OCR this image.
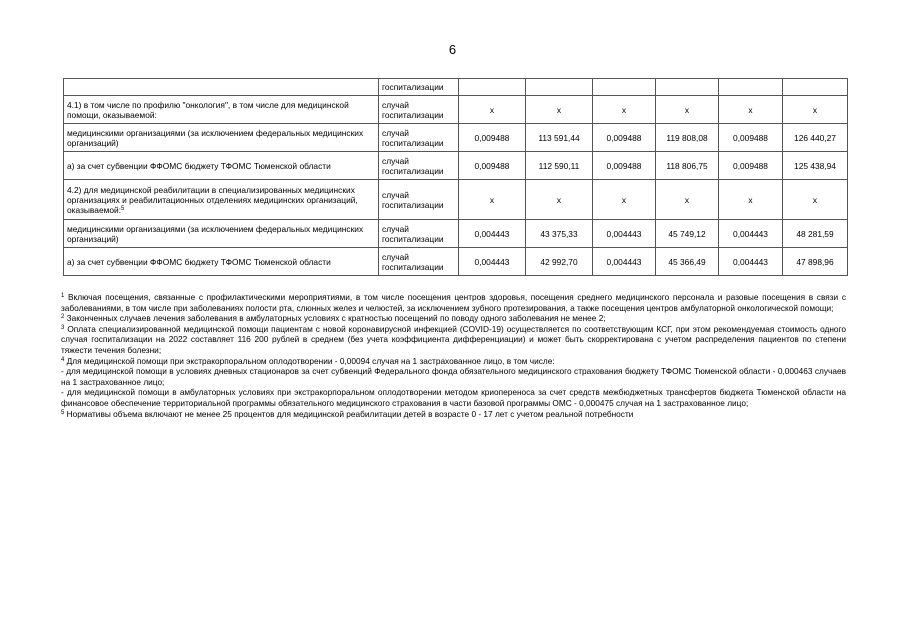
6
	госпитализации						
4.1) в том числе по профилю "онкология", в том числе для медицинской помощи, оказываемой:	случай госпитализации	x	x	x	x	x	x
медицинскими организациями (за исключением федеральных медицинских организаций)	случай госпитализации	0,009488	113 591,44	0,009488	119 808,08	0,009488	126 440,27
а) за счет субвенции ФФОМС бюджету ТФОМС Тюменской области	случай госпитализации	0,009488	112 590,11	0,009488	118 806,75	0,009488	125 438,94
4.2) для медицинской реабилитации в специализированных медицинских организациях и реабилитационных отделениях медицинских организаций, оказываемой:$^5$	случай госпитализации	x	x	x	x	x	x
медицинскими организациями (за исключением федеральных медицинских организаций)	случай госпитализации	0,004443	43 375,33	0,004443	45 749,12	0,004443	48 281,59
а) за счет субвенции ФФОМС бюджету ТФОМС Тюменской области	случай госпитализации	0,004443	42 992,70	0,004443	45 366,49	0,004443	47 898,96

$^1$ Включая посещения, связанные с профилактическими мероприятиями, в том числе посещения центров здоровья, посещения среднего медицинского персонала и разовые посещения в связи с заболеваниями, в том числе при заболеваниях полости рта, слюнных желез и челюстей, за исключением зубного протезирования, а также посещения центров амбулаторной онкологической помощи;

$^2$ Законченных случаев лечения заболевания в амбулаторных условиях с кратностью посещений по поводу одного заболевания не менее 2;

$^3$ Оплата специализированной медицинской помощи пациентам с новой коронавирусной инфекцией (COVID-19) осуществляется по соответствующим КСГ, при этом рекомендуемая стоимость одного случая госпитализации на 2022 составляет 116 200 рублей в среднем (без учета коэффициента дифференциации) и может быть скорректирована с учетом распределения пациентов по степени тяжести течения болезни;

$^4$ Для медицинской помощи при экстракорпоральном оплодотворении - 0,00094 случая на 1 застрахованное лицо, в том числе:

- для медицинской помощи в условиях дневных стационаров за счет субвенций Федерального фонда обязательного медицинского страхования бюджету ТФОМС Тюменской области - 0,000463 случаев на 1 застрахованное лицо;

- для медицинской помощи в амбулаторных условиях при экстракорпоральном оплодотворении методом криопереноса за счет средств межбюджетных трансфертов бюджета Тюменской области на финансовое обеспечение территориальной программы обязательного медицинского страхования в части базовой программы ОМС - 0,000475 случая на 1 застрахованное лицо;

$^5$ Нормативы объема включают не менее 25 процентов для медицинской реабилитации детей в возрасте 0 - 17 лет с учетом реальной потребности
